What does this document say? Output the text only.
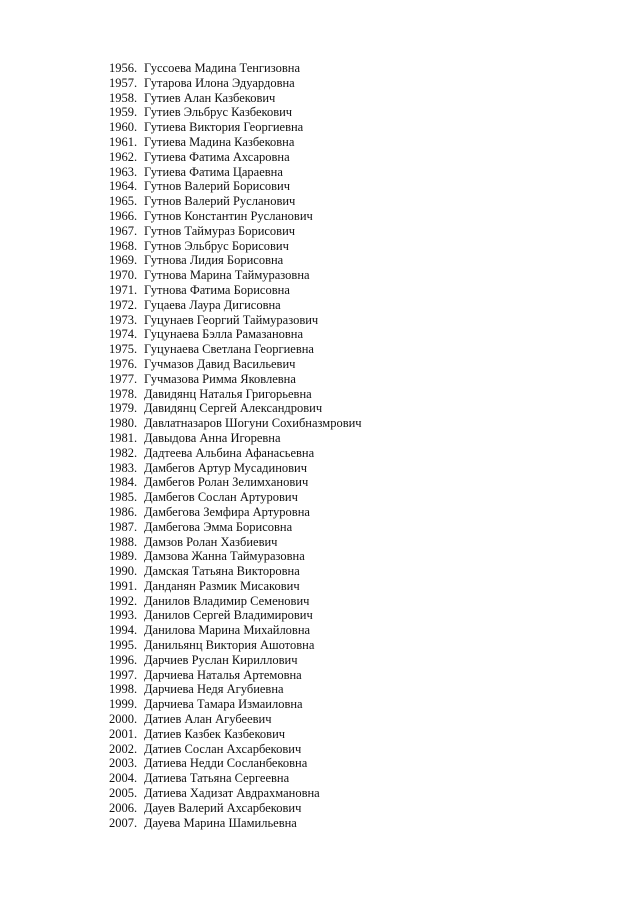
1956. Гуссоева Мадина Тенгизовна
1957. Гутарова Илона Эдуардовна
1958. Гутиев Алан Казбекович
1959. Гутиев Эльбрус Казбекович
1960. Гутиева Виктория Георгиевна
1961. Гутиева Мадина Казбековна
1962. Гутиева Фатима Ахсаровна
1963. Гутиева Фатима Цараевна
1964. Гутнов Валерий Борисович
1965. Гутнов Валерий Русланович
1966. Гутнов Константин Русланович
1967. Гутнов Таймураз Борисович
1968. Гутнов Эльбрус Борисович
1969. Гутнова Лидия Борисовна
1970. Гутнова Марина Таймуразовна
1971. Гутнова Фатима Борисовна
1972. Гуцаева Лаура Дигисовна
1973. Гуцунаев Георгий Таймуразович
1974. Гуцунаева Бэлла Рамазановна
1975. Гуцунаева Светлана Георгиевна
1976. Гучмазов Давид Васильевич
1977. Гучмазова Римма Яковлевна
1978. Давидянц Наталья Григорьевна
1979. Давидянц Сергей Александрович
1980. Давлатназаров Шогуни Сохибназмрович
1981. Давыдова Анна Игоревна
1982. Дадтеева Альбина Афанасьевна
1983. Дамбегов Артур Мусадинович
1984. Дамбегов Ролан Зелимханович
1985. Дамбегов Сослан Артурович
1986. Дамбегова Земфира Артуровна
1987. Дамбегова Эмма Борисовна
1988. Дамзов Ролан Хазбиевич
1989. Дамзова Жанна Таймуразовна
1990. Дамская Татьяна Викторовна
1991. Данданян Размик Мисакович
1992. Данилов Владимир Семенович
1993. Данилов Сергей Владимирович
1994. Данилова Марина Михайловна
1995. Данильянц Виктория Ашотовна
1996. Дарчиев Руслан Кириллович
1997. Дарчиева Наталья Артемовна
1998. Дарчиева Недя Агубиевна
1999. Дарчиева Тамара Измаиловна
2000. Датиев Алан Агубеевич
2001. Датиев Казбек Казбекович
2002. Датиев Сослан Ахсарбекович
2003. Датиева Недди Сосланбековна
2004. Датиева Татьяна Сергеевна
2005. Датиева Хадизат Авдрахмановна
2006. Дауев Валерий Ахсарбекович
2007. Дауева Марина Шамильевна
